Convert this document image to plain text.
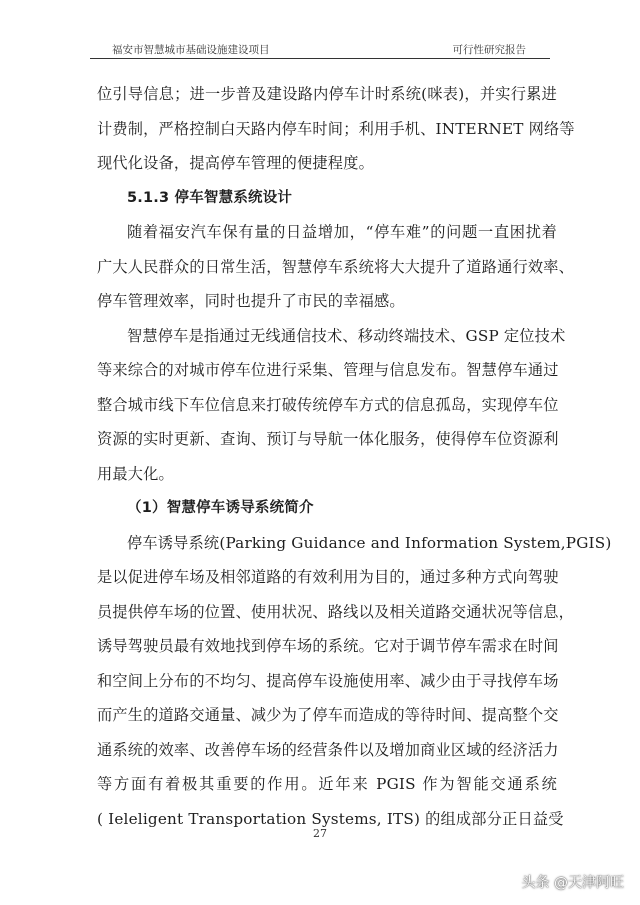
福安市智慧城市基础设施建设项目	可行性研究报告
位引导信息；进一步普及建设路内停车计时系统(咪表)，并实行累进
计费制，严格控制白天路内停车时间；利用手机、INTERNET 网络等
现代化设备，提高停车管理的便捷程度。
5.1.3 停车智慧系统设计
随着福安汽车保有量的日益增加，“停车难”的问题一直困扰着
广大人民群众的日常生活，智慧停车系统将大大提升了道路通行效率、
停车管理效率，同时也提升了市民的幸福感。
智慧停车是指通过无线通信技术、移动终端技术、GSP 定位技术
等来综合的对城市停车位进行采集、管理与信息发布。智慧停车通过
整合城市线下车位信息来打破传统停车方式的信息孤岛，实现停车位
资源的实时更新、查询、预订与导航一体化服务，使得停车位资源利
用最大化。
（1）智慧停车诱导系统简介
停车诱导系统(Parking Guidance and Information System,PGIS)
是以促进停车场及相邻道路的有效利用为目的，通过多种方式向驾驶
员提供停车场的位置、使用状况、路线以及相关道路交通状况等信息，
诱导驾驶员最有效地找到停车场的系统。它对于调节停车需求在时间
和空间上分布的不均匀、提高停车设施使用率、减少由于寻找停车场
而产生的道路交通量、减少为了停车而造成的等待时间、提高整个交
通系统的效率、改善停车场的经营条件以及增加商业区域的经济活力
等方面有着极其重要的作用。近年来 PGIS 作为智能交通系统
( Ieleligent Transportation Systems, ITS) 的组成部分正日益受
27
头条 @天津阿旺
